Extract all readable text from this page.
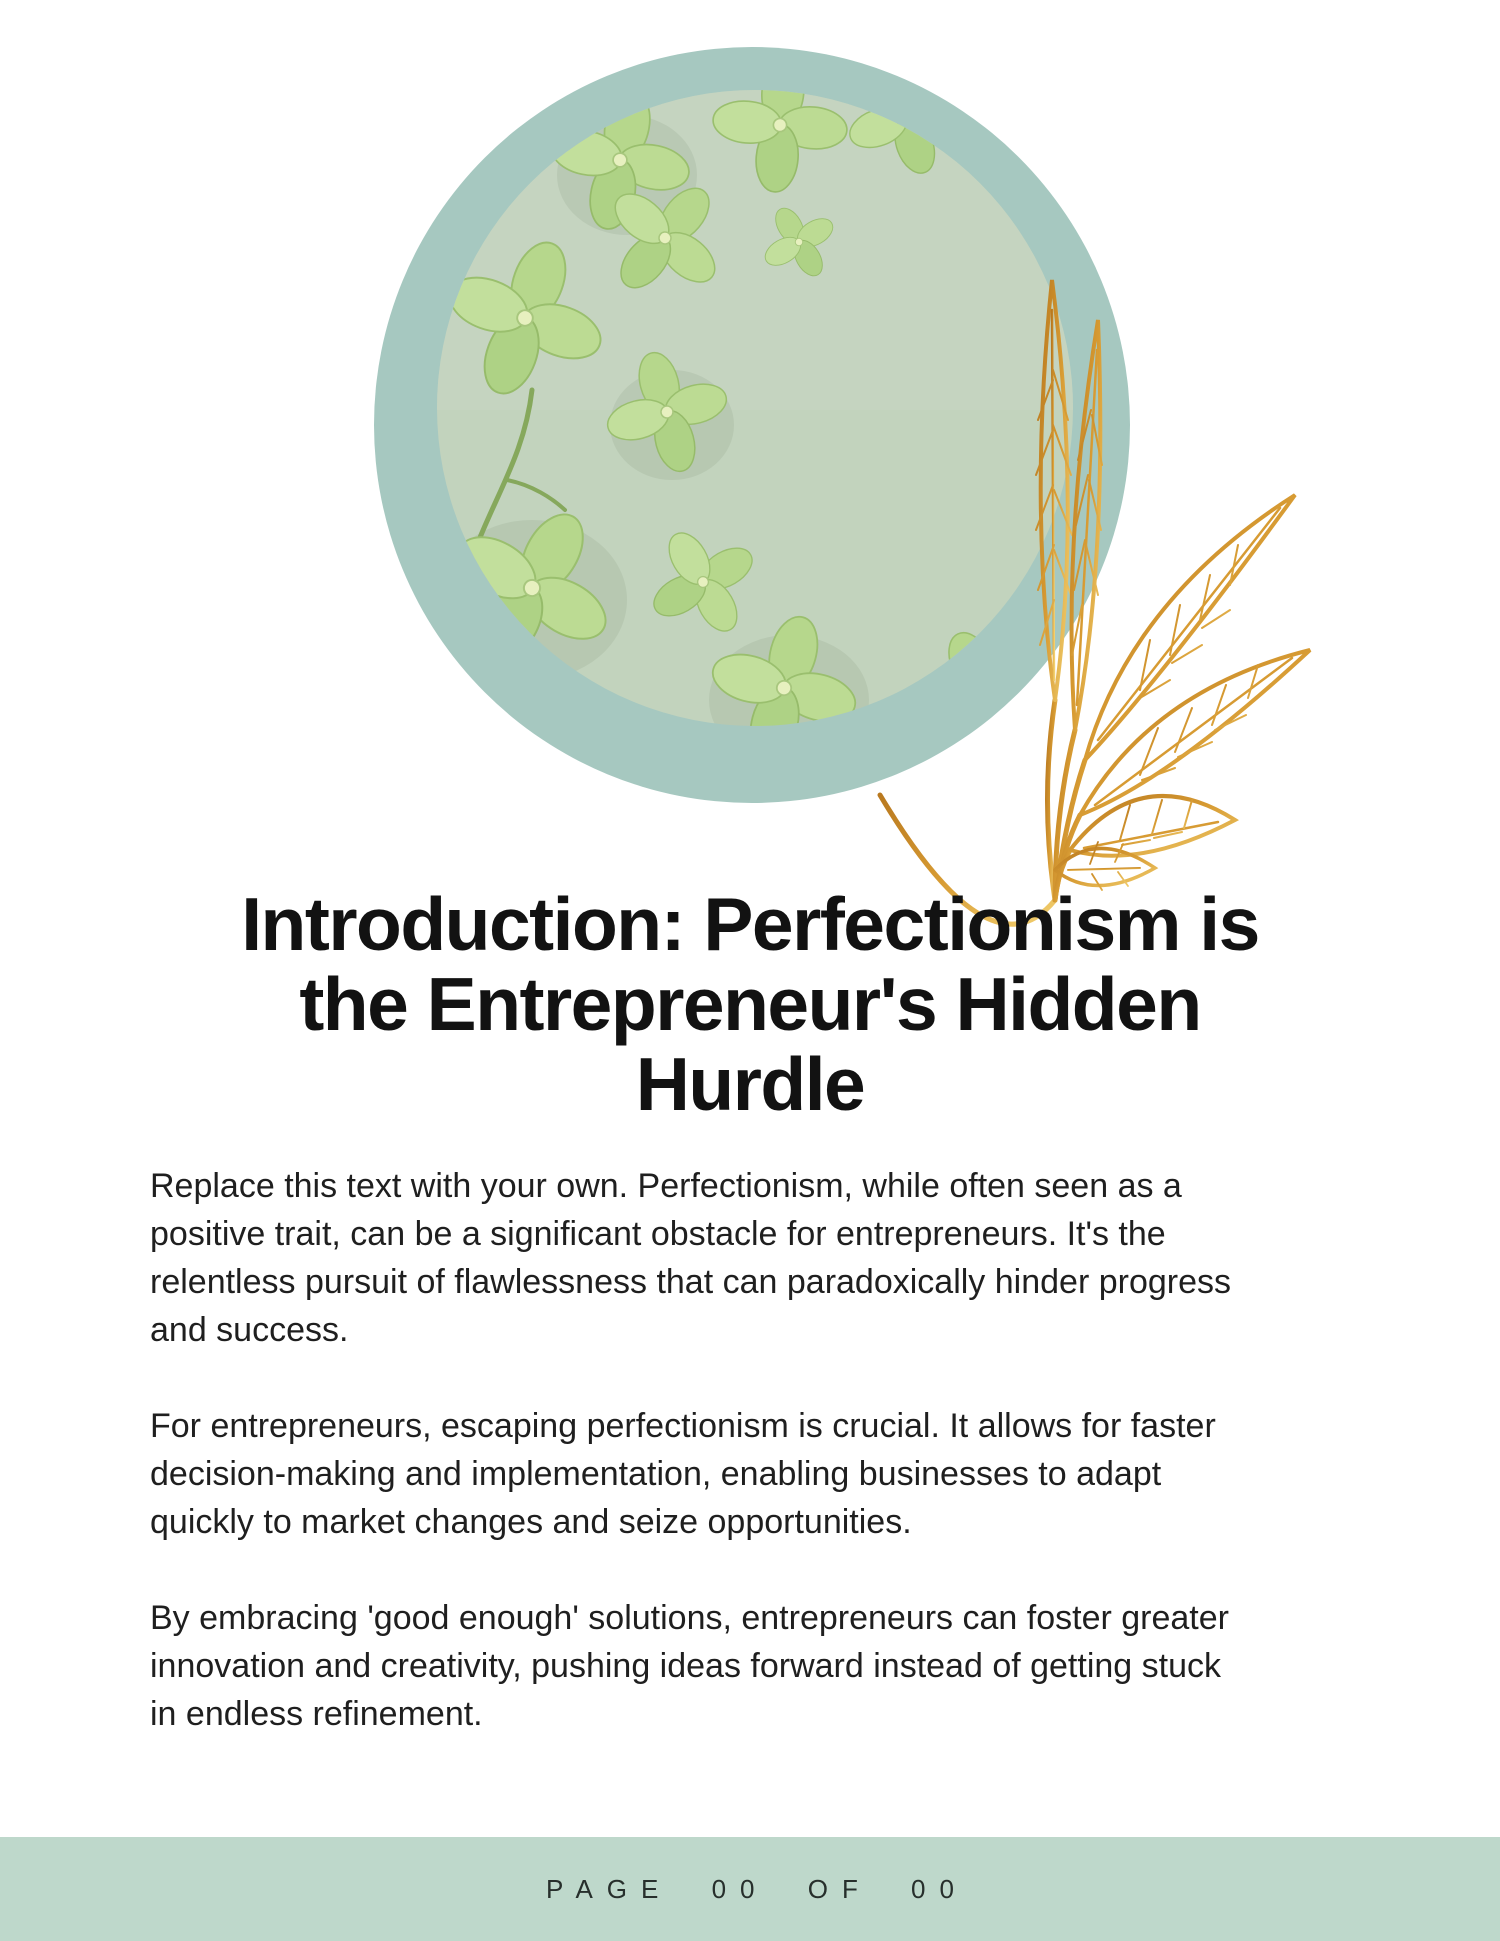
Introduction: Perfectionism is
the Entrepreneur's Hidden
Hurdle
Replace this text with your own. Perfectionism, while often seen as a
positive trait, can be a significant obstacle for entrepreneurs. It's the
relentless pursuit of flawlessness that can paradoxically hinder progress
and success.
For entrepreneurs, escaping perfectionism is crucial. It allows for faster
decision-making and implementation, enabling businesses to adapt
quickly to market changes and seize opportunities.
By embracing 'good enough' solutions, entrepreneurs can foster greater
innovation and creativity, pushing ideas forward instead of getting stuck
in endless refinement.
PAGE 00 OF 00
